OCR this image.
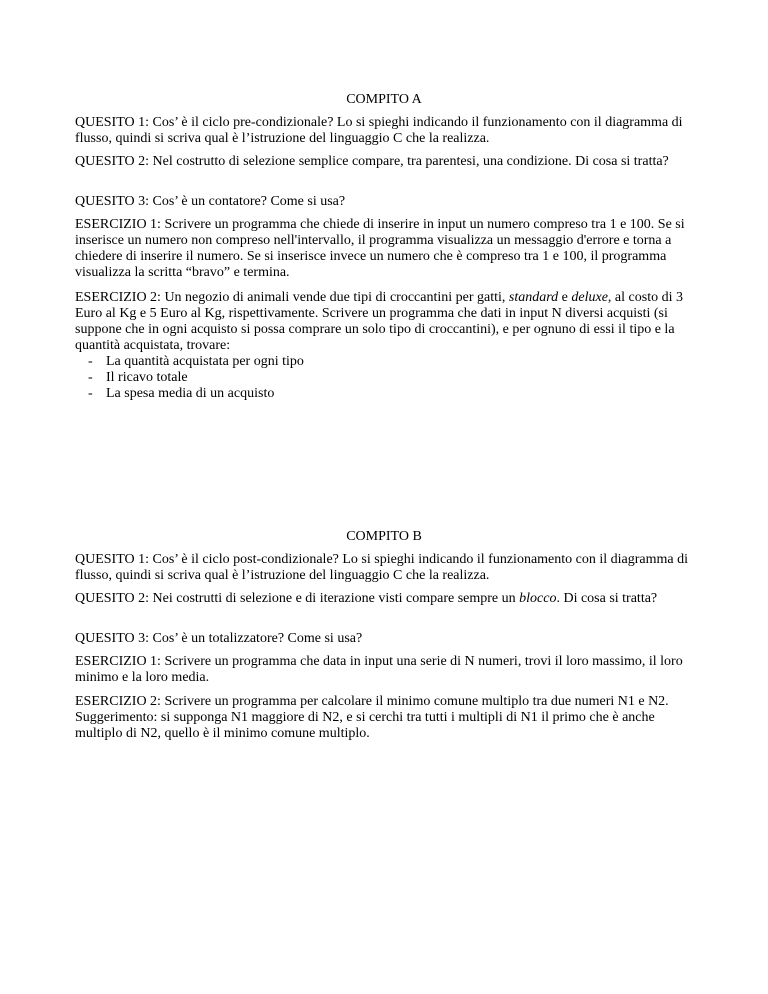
COMPITO A
QUESITO 1: Cos’ è il ciclo pre-condizionale? Lo si spieghi indicando il funzionamento con il diagramma di flusso, quindi si scriva qual è l’istruzione del linguaggio C che la realizza.
QUESITO 2: Nel costrutto di selezione semplice compare, tra parentesi, una condizione. Di cosa si tratta?
QUESITO 3: Cos’ è un contatore? Come si usa?
ESERCIZIO 1: Scrivere un programma che chiede di inserire in input un numero compreso tra 1 e 100. Se si inserisce un numero non compreso nell'intervallo, il programma visualizza un messaggio d'errore e torna a chiedere di inserire il numero. Se si inserisce invece un numero che è compreso tra 1 e 100, il programma visualizza la scritta “bravo” e termina.
ESERCIZIO 2: Un negozio di animali vende due tipi di croccantini per gatti, standard e deluxe, al costo di 3 Euro al Kg e 5 Euro al Kg, rispettivamente. Scrivere un programma che dati in input N diversi acquisti (si suppone che in ogni acquisto si possa comprare un solo tipo di croccantini), e per ognuno di essi il tipo e la quantità acquistata, trovare:
- La quantità acquistata per ogni tipo
- Il ricavo totale
- La spesa media di un acquisto
COMPITO B
QUESITO 1: Cos’ è il ciclo post-condizionale? Lo si spieghi indicando il funzionamento con il diagramma di flusso, quindi si scriva qual è l’istruzione del linguaggio C che la realizza.
QUESITO 2: Nei costrutti di selezione e di iterazione visti compare sempre un blocco. Di cosa si tratta?
QUESITO 3: Cos’ è un totalizzatore? Come si usa?
ESERCIZIO 1: Scrivere un programma che data in input una serie di N numeri, trovi il loro massimo, il loro minimo e la loro media.
ESERCIZIO 2: Scrivere un programma per calcolare il minimo comune multiplo tra due numeri N1 e N2. Suggerimento: si supponga N1 maggiore di N2, e si cerchi tra tutti i multipli di N1 il primo che è anche multiplo di N2, quello è il minimo comune multiplo.
